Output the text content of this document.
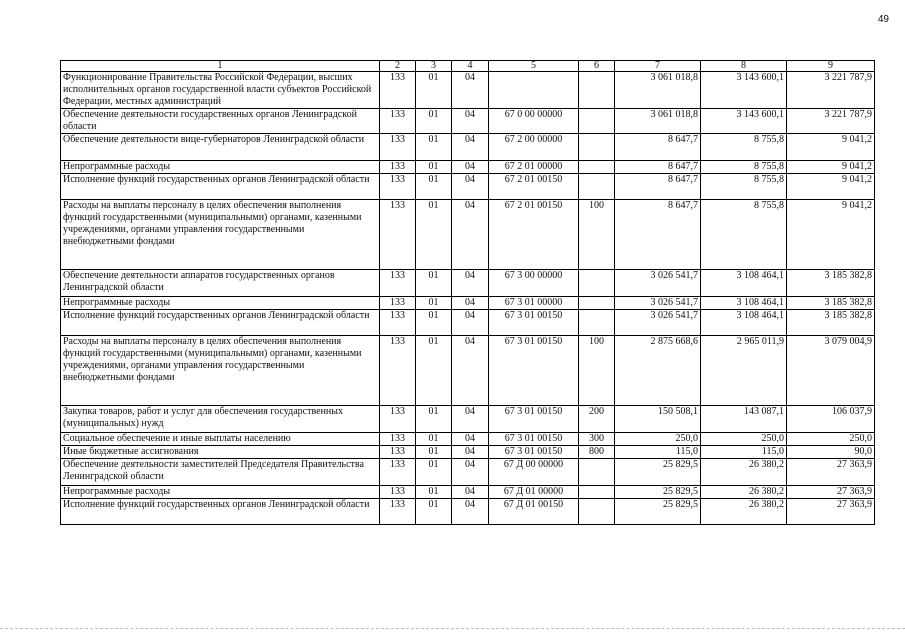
49
1	2	3	4	5	6	7	8	9
Функционирование Правительства Российской Федерации, высших исполнительных органов государственной власти субъектов Российской Федерации, местных администраций	133	01	04			3 061 018,8	3 143 600,1	3 221 787,9
Обеспечение деятельности государственных органов Ленинградской области	133	01	04	67 0 00 00000		3 061 018,8	3 143 600,1	3 221 787,9
Обеспечение деятельности вице-губернаторов Ленинградской области	133	01	04	67 2 00 00000		8 647,7	8 755,8	9 041,2
Непрограммные расходы	133	01	04	67 2 01 00000		8 647,7	8 755,8	9 041,2
Исполнение функций государственных органов Ленинградской области	133	01	04	67 2 01 00150		8 647,7	8 755,8	9 041,2
Расходы на выплаты персоналу в целях обеспечения выполнения функций государственными (муниципальными) органами, казенными учреждениями, органами управления государственными внебюджетными фондами	133	01	04	67 2 01 00150	100	8 647,7	8 755,8	9 041,2
Обеспечение деятельности аппаратов государственных органов Ленинградской области	133	01	04	67 3 00 00000		3 026 541,7	3 108 464,1	3 185 382,8
Непрограммные расходы	133	01	04	67 3 01 00000		3 026 541,7	3 108 464,1	3 185 382,8
Исполнение функций государственных органов Ленинградской области	133	01	04	67 3 01 00150		3 026 541,7	3 108 464,1	3 185 382,8
Расходы на выплаты персоналу в целях обеспечения выполнения функций государственными (муниципальными) органами, казенными учреждениями, органами управления государственными внебюджетными фондами	133	01	04	67 3 01 00150	100	2 875 668,6	2 965 011,9	3 079 004,9
Закупка товаров, работ и услуг для обеспечения государственных (муниципальных) нужд	133	01	04	67 3 01 00150	200	150 508,1	143 087,1	106 037,9
Социальное обеспечение и иные выплаты населению	133	01	04	67 3 01 00150	300	250,0	250,0	250,0
Иные бюджетные ассигнования	133	01	04	67 3 01 00150	800	115,0	115,0	90,0
Обеспечение деятельности заместителей Председателя Правительства Ленинградской области	133	01	04	67 Д 00 00000		25 829,5	26 380,2	27 363,9
Непрограммные расходы	133	01	04	67 Д 01 00000		25 829,5	26 380,2	27 363,9
Исполнение функций государственных органов Ленинградской области	133	01	04	67 Д 01 00150		25 829,5	26 380,2	27 363,9
